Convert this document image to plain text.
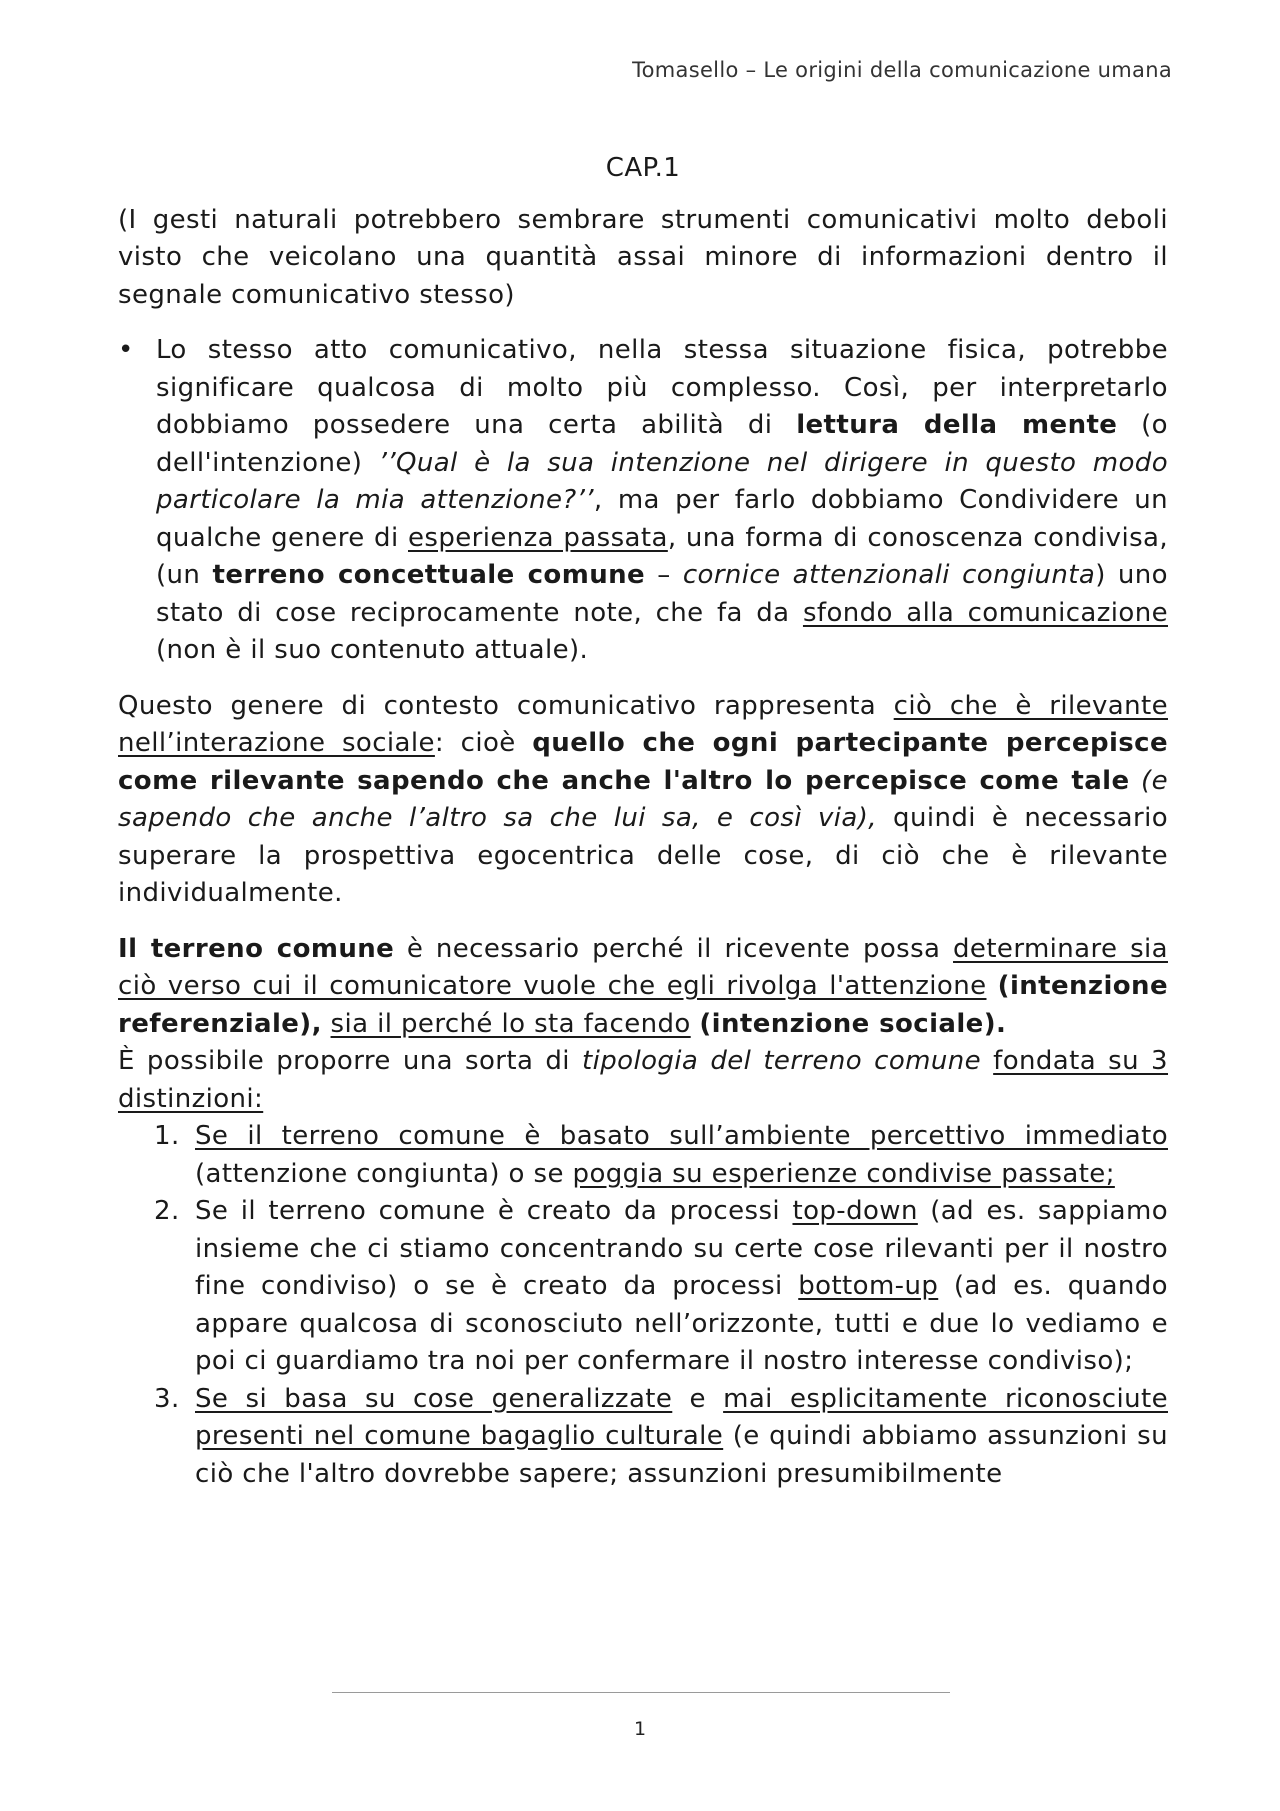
Tomasello – Le origini della comunicazione umana

CAP.1

(I gesti naturali potrebbero sembrare strumenti comunicativi molto deboli visto che veicolano una quantità assai minore di informazioni dentro il segnale comunicativo stesso)

• Lo stesso atto comunicativo, nella stessa situazione fisica, potrebbe significare qualcosa di molto più complesso. Così, per interpretarlo dobbiamo possedere una certa abilità di lettura della mente (o dell'intenzione) ’’Qual è la sua intenzione nel dirigere in questo modo particolare la mia attenzione?’’, ma per farlo dobbiamo Condividere un qualche genere di esperienza passata, una forma di conoscenza condivisa, (un terreno concettuale comune – cornice attenzionali congiunta) uno stato di cose reciprocamente note, che fa da sfondo alla comunicazione (non è il suo contenuto attuale).

Questo genere di contesto comunicativo rappresenta ciò che è rilevante nell’interazione sociale: cioè quello che ogni partecipante percepisce come rilevante sapendo che anche l'altro lo percepisce come tale (e sapendo che anche l’altro sa che lui sa, e così via), quindi è necessario superare la prospettiva egocentrica delle cose, di ciò che è rilevante individualmente.

Il terreno comune è necessario perché il ricevente possa determinare sia ciò verso cui il comunicatore vuole che egli rivolga l'attenzione (intenzione referenziale), sia il perché lo sta facendo (intenzione sociale).

È possibile proporre una sorta di tipologia del terreno comune fondata su 3 distinzioni:

1. Se il terreno comune è basato sull’ambiente percettivo immediato (attenzione congiunta) o se poggia su esperienze condivise passate;
2. Se il terreno comune è creato da processi top-down (ad es. sappiamo insieme che ci stiamo concentrando su certe cose rilevanti per il nostro fine condiviso) o se è creato da processi bottom-up (ad es. quando appare qualcosa di sconosciuto nell’orizzonte, tutti e due lo vediamo e poi ci guardiamo tra noi per confermare il nostro interesse condiviso);
3. Se si basa su cose generalizzate e mai esplicitamente riconosciute presenti nel comune bagaglio culturale (e quindi abbiamo assunzioni su ciò che l'altro dovrebbe sapere; assunzioni presumibilmente
1
